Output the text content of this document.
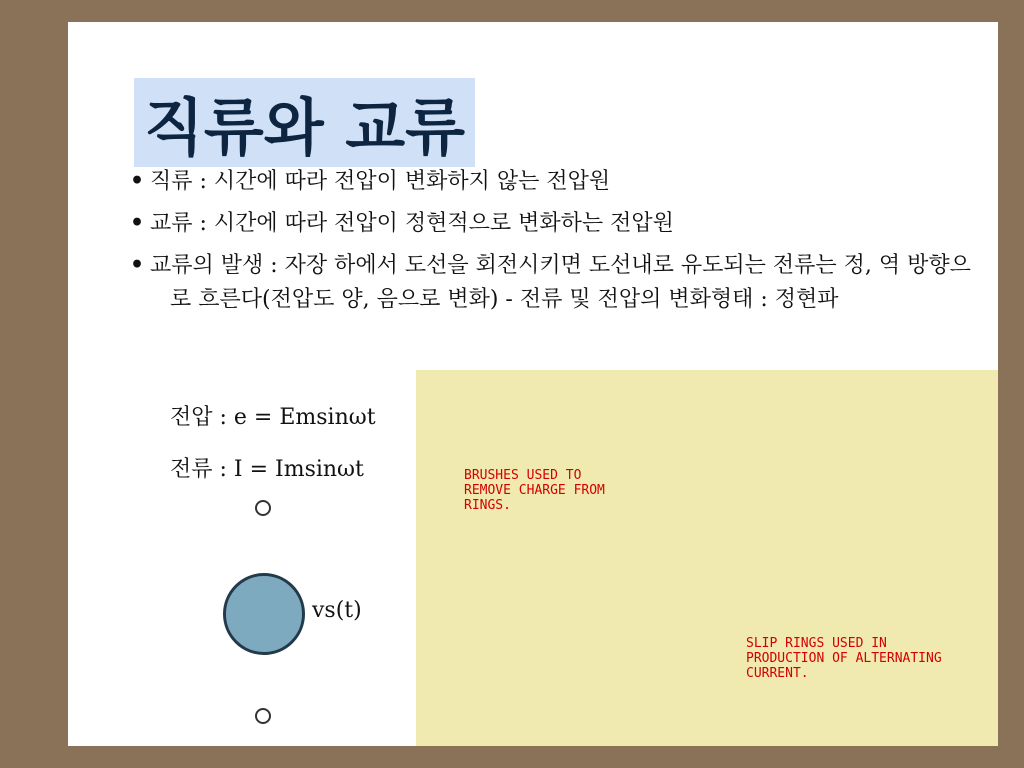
직류와 교류
• 직류 : 시간에 따라 전압이 변화하지 않는 전압원
• 교류 : 시간에 따라 전압이 정현적으로 변화하는 전압원
• 교류의 발생 : 자장 하에서 도선을 회전시키면 도선내로 유도되는 전류는 정, 역 방향으로 흐른다(전압도 양, 음으로 변화) - 전류 및 전압의 변화형태 : 정현파
전압 : e = Emsinωt
전류 : I = Imsinωt
vs(t)
BRUSHES USED TO REMOVE CHARGE FROM RINGS.
SLIP RINGS USED IN PRODUCTION OF ALTERNATING CURRENT.
